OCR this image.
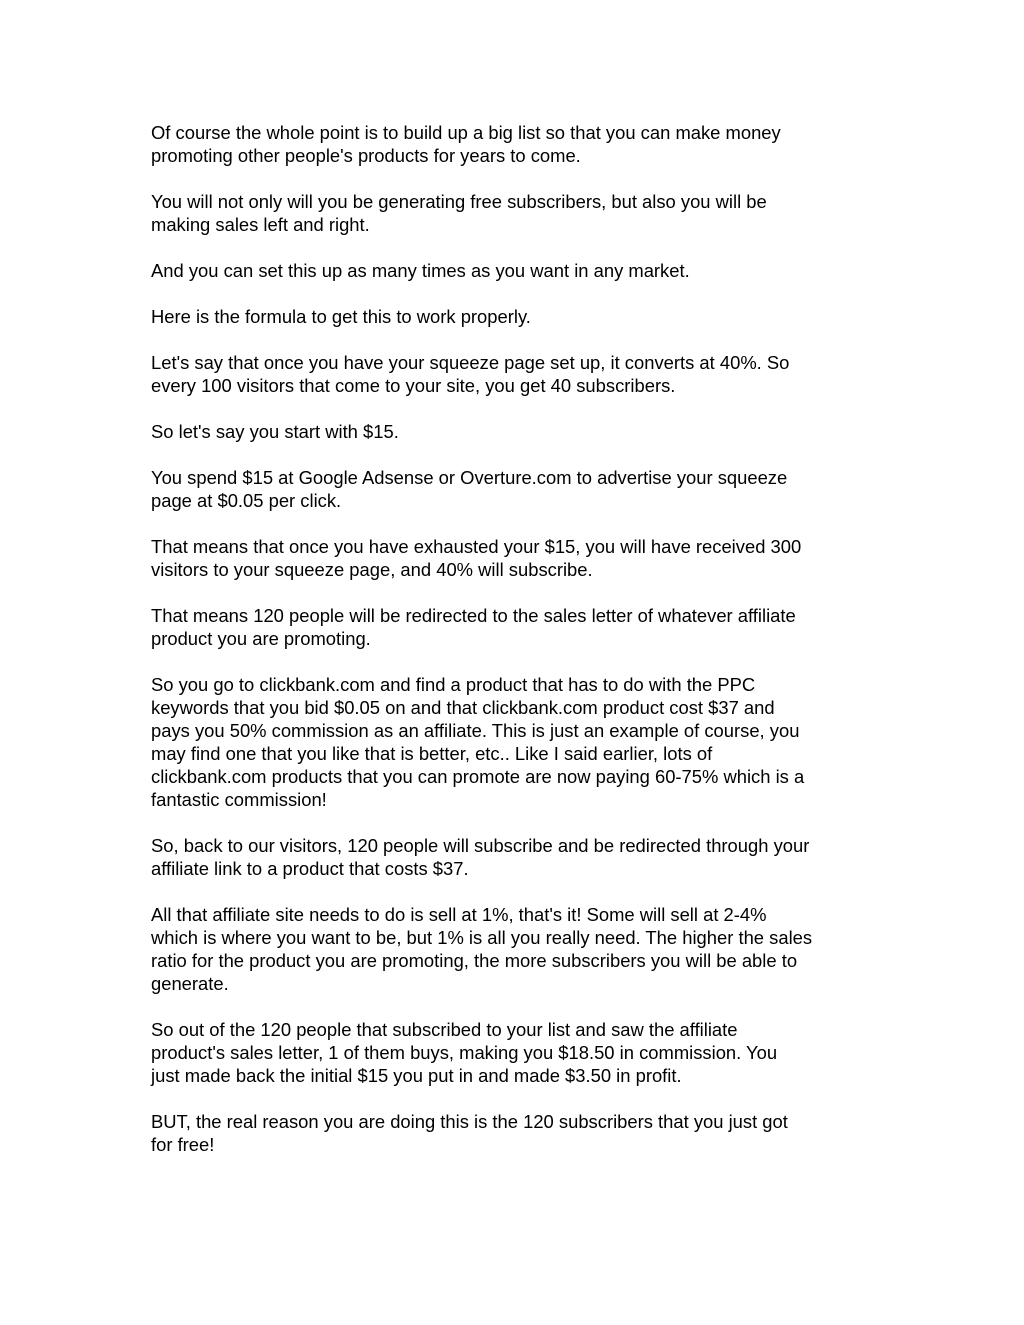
Of course the whole point is to build up a big list so that you can make money
promoting other people's products for years to come.

You will not only will you be generating free subscribers, but also you will be
making sales left and right.

And you can set this up as many times as you want in any market.

Here is the formula to get this to work properly.

Let's say that once you have your squeeze page set up, it converts at 40%. So
every 100 visitors that come to your site, you get 40 subscribers.

So let's say you start with $15.

You spend $15 at Google Adsense or Overture.com to advertise your squeeze
page at $0.05 per click.

That means that once you have exhausted your $15, you will have received 300
visitors to your squeeze page, and 40% will subscribe.

That means 120 people will be redirected to the sales letter of whatever affiliate
product you are promoting.

So you go to clickbank.com and find a product that has to do with the PPC
keywords that you bid $0.05 on and that clickbank.com product cost $37 and
pays you 50% commission as an affiliate. This is just an example of course, you
may find one that you like that is better, etc.. Like I said earlier, lots of
clickbank.com products that you can promote are now paying 60-75% which is a
fantastic commission!

So, back to our visitors, 120 people will subscribe and be redirected through your
affiliate link to a product that costs $37.

All that affiliate site needs to do is sell at 1%, that's it! Some will sell at 2-4%
which is where you want to be, but 1% is all you really need. The higher the sales
ratio for the product you are promoting, the more subscribers you will be able to
generate.

So out of the 120 people that subscribed to your list and saw the affiliate
product's sales letter, 1 of them buys, making you $18.50 in commission. You
just made back the initial $15 you put in and made $3.50 in profit.

BUT, the real reason you are doing this is the 120 subscribers that you just got
for free!
